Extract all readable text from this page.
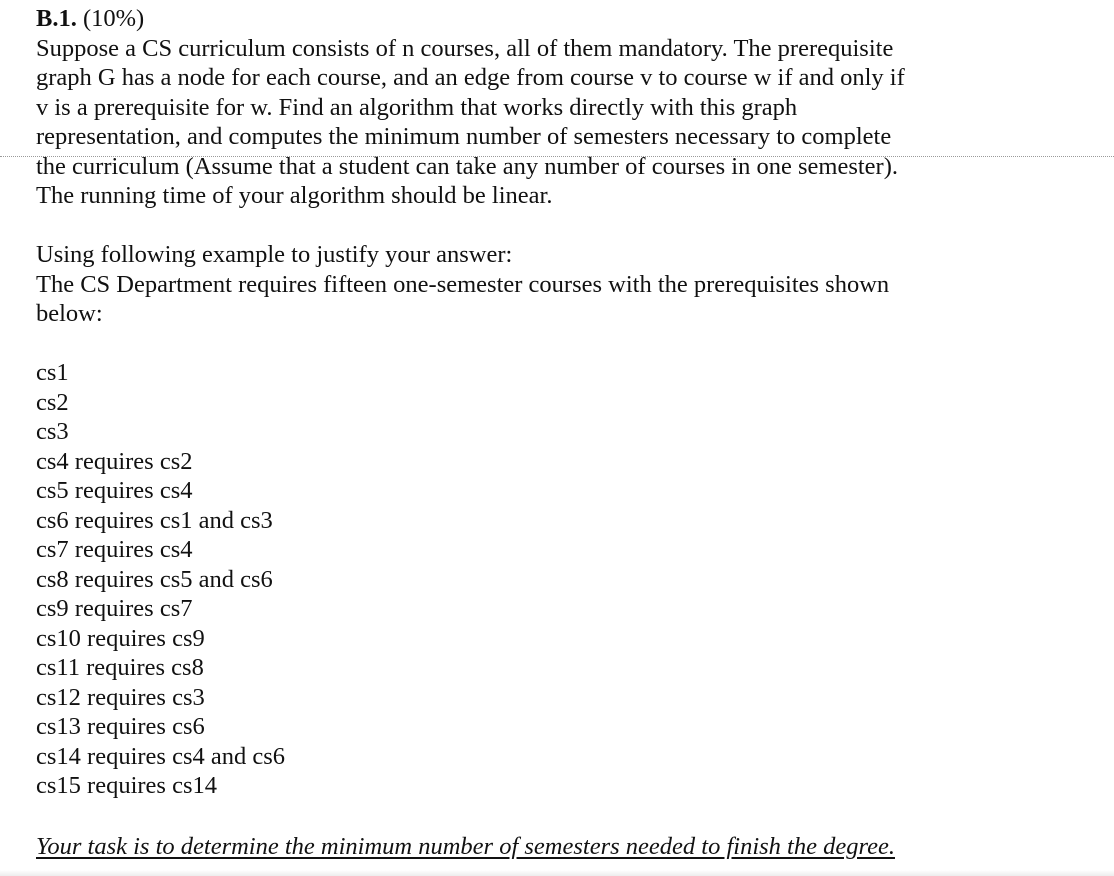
B.1. (10%)
Suppose a CS curriculum consists of n courses, all of them mandatory. The prerequisite
graph G has a node for each course, and an edge from course v to course w if and only if
v is a prerequisite for w. Find an algorithm that works directly with this graph
representation, and computes the minimum number of semesters necessary to complete
the curriculum (Assume that a student can take any number of courses in one semester).
The running time of your algorithm should be linear.
Using following example to justify your answer:
The CS Department requires fifteen one-semester courses with the prerequisites shown
below:
cs1
cs2
cs3
cs4 requires cs2
cs5 requires cs4
cs6 requires cs1 and cs3
cs7 requires cs4
cs8 requires cs5 and cs6
cs9 requires cs7
cs10 requires cs9
cs11 requires cs8
cs12 requires cs3
cs13 requires cs6
cs14 requires cs4 and cs6
cs15 requires cs14
Your task is to determine the minimum number of semesters needed to finish the degree.
